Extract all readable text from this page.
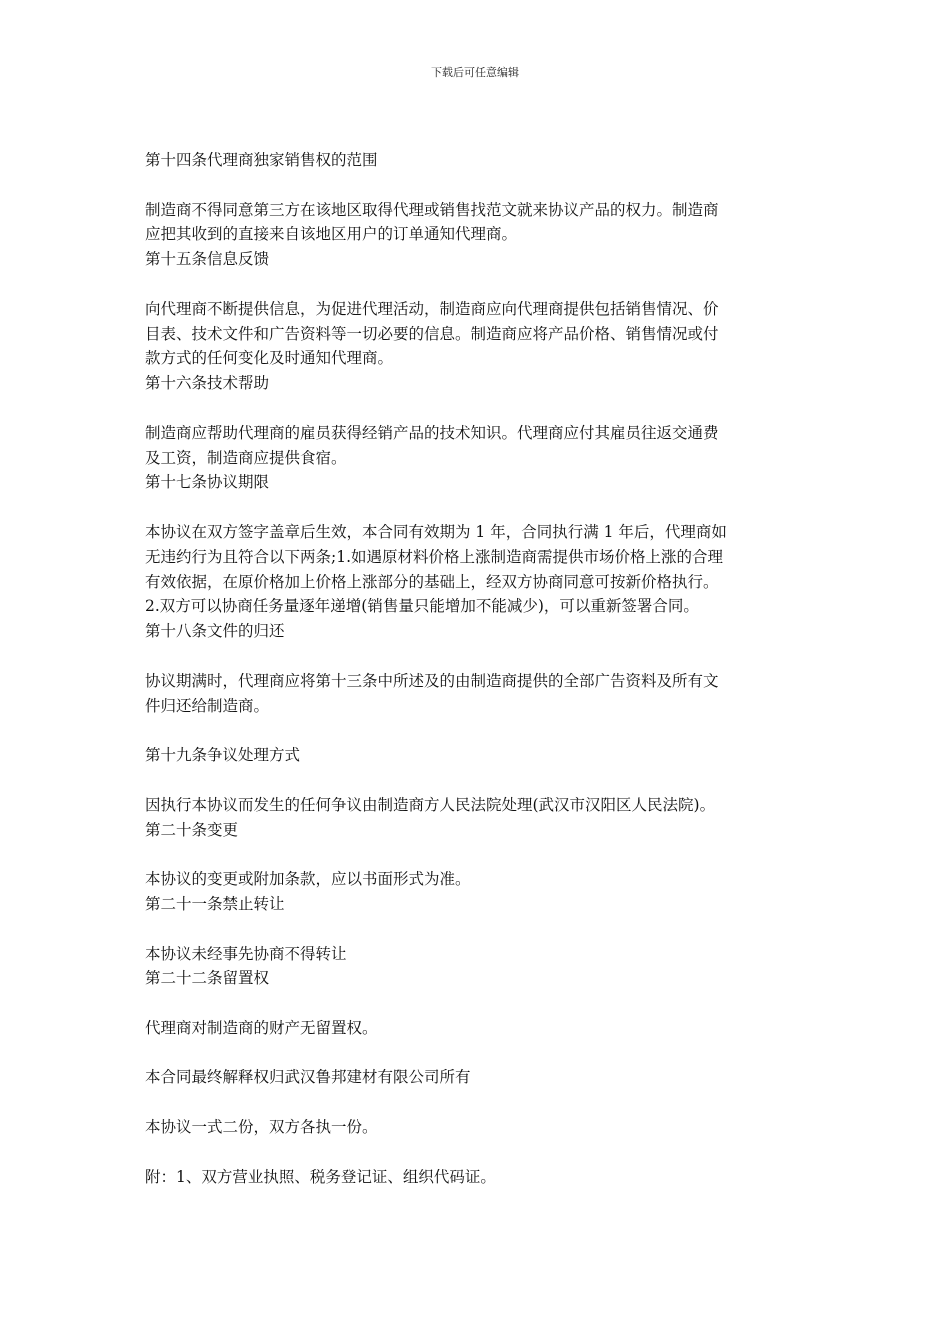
下载后可任意编辑
第十四条代理商独家销售权的范围
制造商不得同意第三方在该地区取得代理或销售找范文就来协议产品的权力。制造商
应把其收到的直接来自该地区用户的订单通知代理商。
第十五条信息反馈
向代理商不断提供信息，为促进代理活动，制造商应向代理商提供包括销售情况、价
目表、技术文件和广告资料等一切必要的信息。制造商应将产品价格、销售情况或付
款方式的任何变化及时通知代理商。
第十六条技术帮助
制造商应帮助代理商的雇员获得经销产品的技术知识。代理商应付其雇员往返交通费
及工资，制造商应提供食宿。
第十七条协议期限
本协议在双方签字盖章后生效，本合同有效期为 1 年，合同执行满 1 年后，代理商如
无违约行为且符合以下两条;1.如遇原材料价格上涨制造商需提供市场价格上涨的合理
有效依据，在原价格加上价格上涨部分的基础上，经双方协商同意可按新价格执行。
2.双方可以协商任务量逐年递增(销售量只能增加不能减少)，可以重新签署合同。
第十八条文件的归还
协议期满时，代理商应将第十三条中所述及的由制造商提供的全部广告资料及所有文
件归还给制造商。
第十九条争议处理方式
因执行本协议而发生的任何争议由制造商方人民法院处理(武汉市汉阳区人民法院)。
第二十条变更
本协议的变更或附加条款，应以书面形式为准。
第二十一条禁止转让
本协议未经事先协商不得转让
第二十二条留置权
代理商对制造商的财产无留置权。
本合同最终解释权归武汉鲁邦建材有限公司所有
本协议一式二份，双方各执一份。
附：1、双方营业执照、税务登记证、组织代码证。
